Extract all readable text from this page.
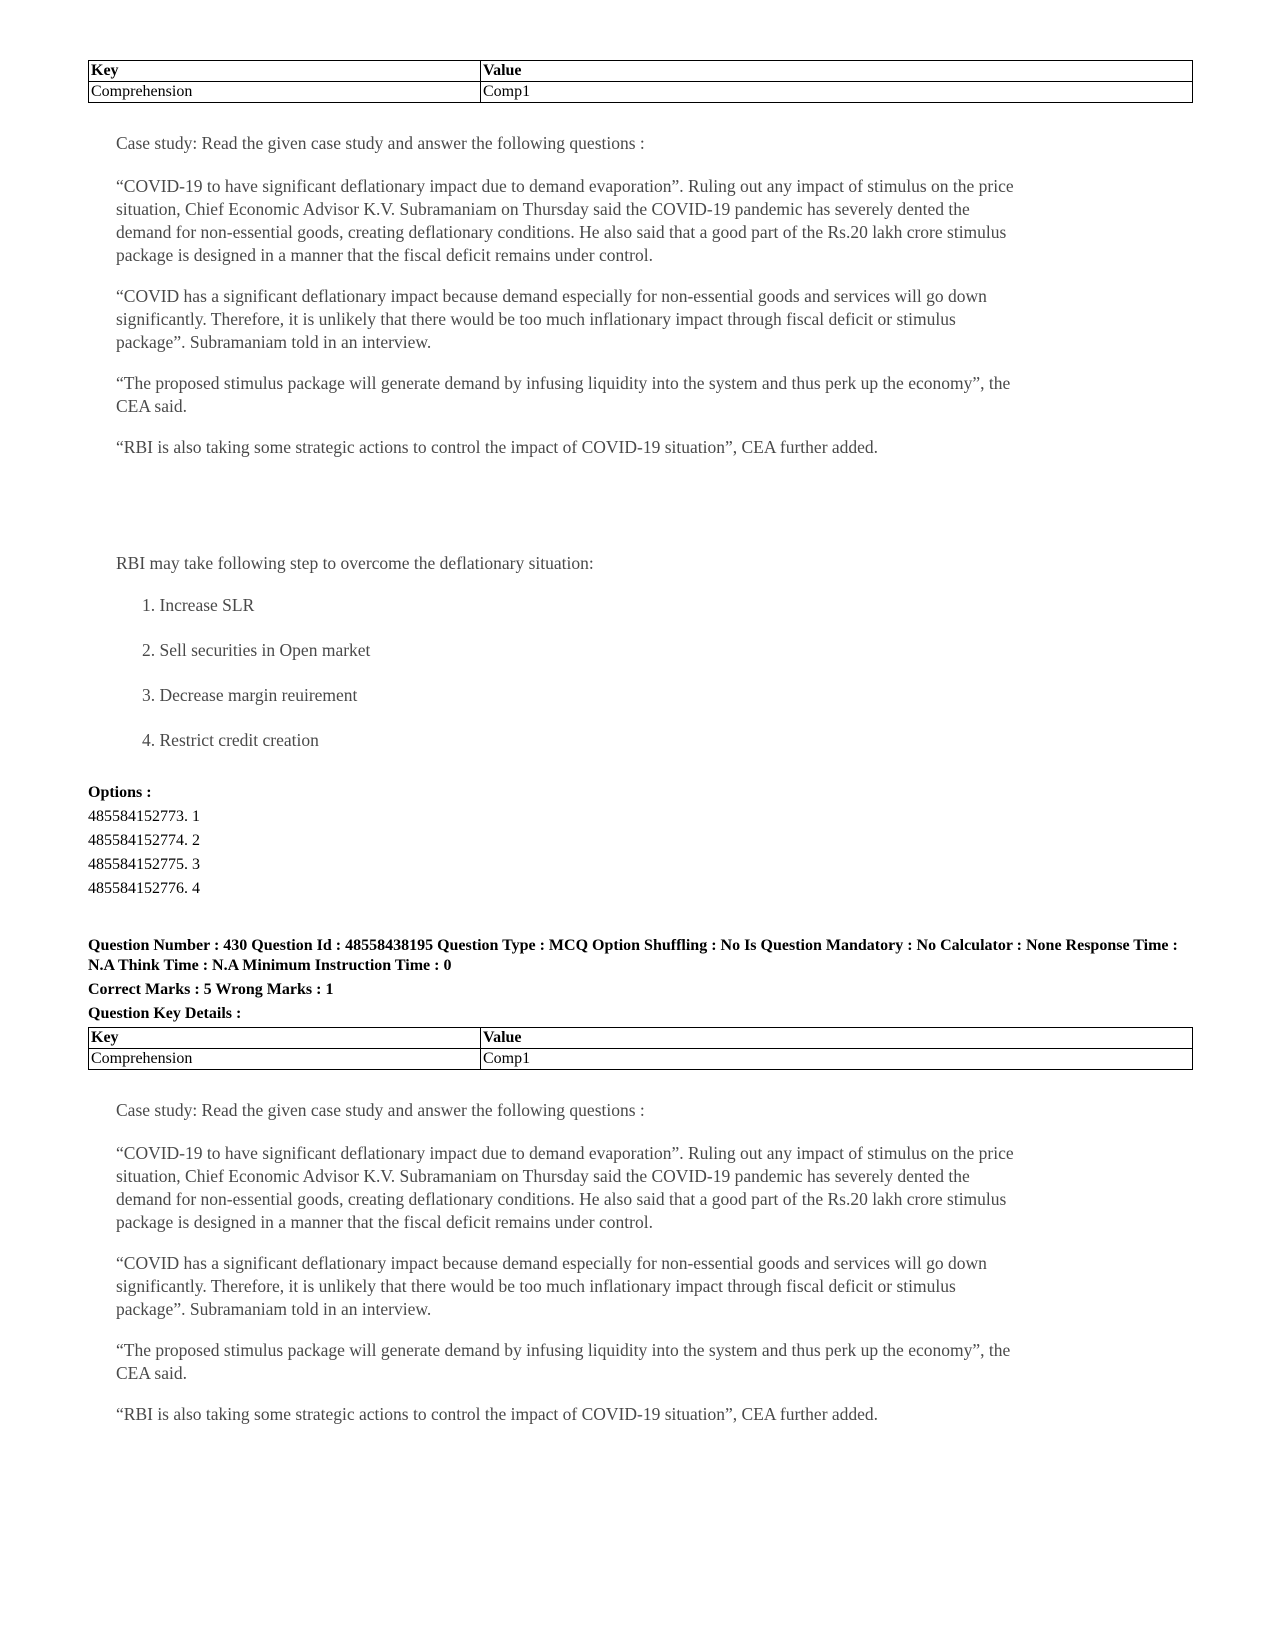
Key	Value
Comprehension	Comp1

Case study: Read the given case study and answer the following questions :

“COVID-19 to have significant deflationary impact due to demand evaporation”. Ruling out any impact of stimulus on the price situation, Chief Economic Advisor K.V. Subramaniam on Thursday said the COVID-19 pandemic has severely dented the demand for non-essential goods, creating deflationary conditions. He also said that a good part of the Rs.20 lakh crore stimulus package is designed in a manner that the fiscal deficit remains under control.

“COVID has a significant deflationary impact because demand especially for non-essential goods and services will go down significantly. Therefore, it is unlikely that there would be too much inflationary impact through fiscal deficit or stimulus package”. Subramaniam told in an interview.

“The proposed stimulus package will generate demand by infusing liquidity into the system and thus perk up the economy”, the CEA said.

“RBI is also taking some strategic actions to control the impact of COVID-19 situation”, CEA further added.

RBI may take following step to overcome the deflationary situation:
1. Increase SLR
2. Sell securities in Open market
3. Decrease margin reuirement
4. Restrict credit creation
Options :
485584152773. 1
485584152774. 2
485584152775. 3
485584152776. 4
Question Number : 430 Question Id : 48558438195 Question Type : MCQ Option Shuffling : No Is Question Mandatory : No Calculator : None Response Time : N.A Think Time : N.A Minimum Instruction Time : 0
Correct Marks : 5 Wrong Marks : 1
Question Key Details :
Key	Value
Comprehension	Comp1

Case study: Read the given case study and answer the following questions :

“COVID-19 to have significant deflationary impact due to demand evaporation”. Ruling out any impact of stimulus on the price situation, Chief Economic Advisor K.V. Subramaniam on Thursday said the COVID-19 pandemic has severely dented the demand for non-essential goods, creating deflationary conditions. He also said that a good part of the Rs.20 lakh crore stimulus package is designed in a manner that the fiscal deficit remains under control.

“COVID has a significant deflationary impact because demand especially for non-essential goods and services will go down significantly. Therefore, it is unlikely that there would be too much inflationary impact through fiscal deficit or stimulus package”. Subramaniam told in an interview.

“The proposed stimulus package will generate demand by infusing liquidity into the system and thus perk up the economy”, the CEA said.

“RBI is also taking some strategic actions to control the impact of COVID-19 situation”, CEA further added.
